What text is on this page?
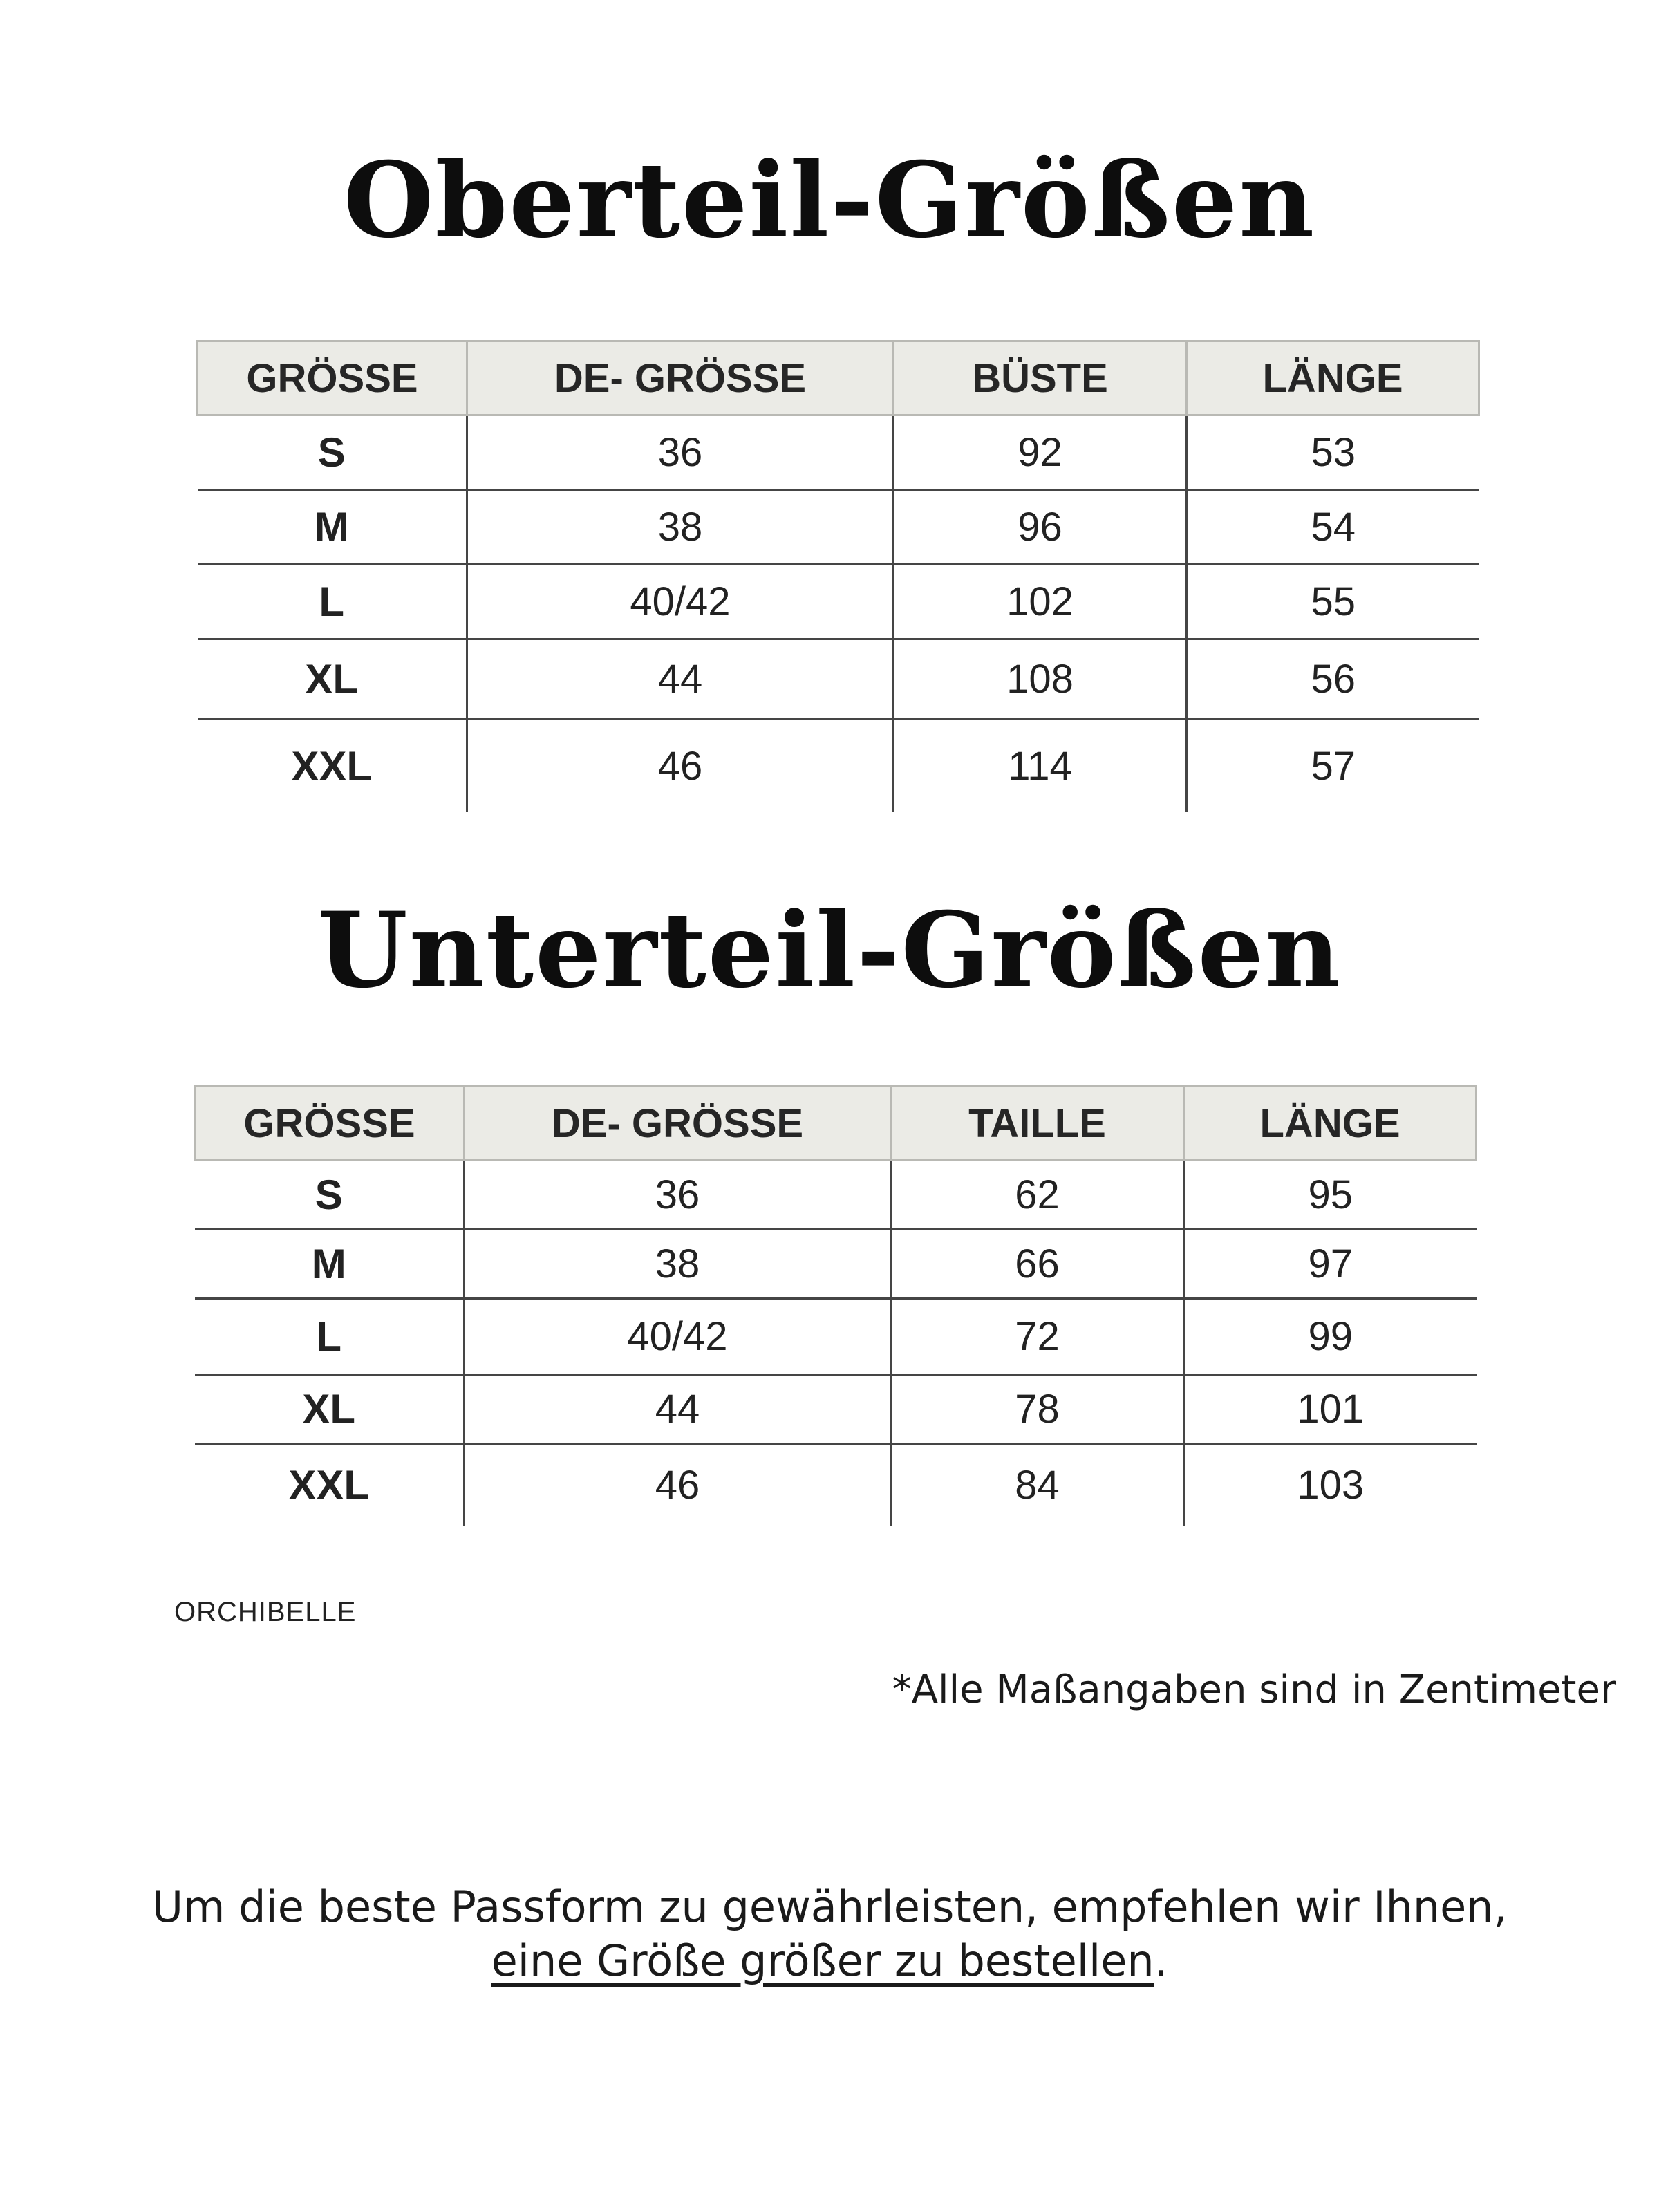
Oberteil-Größen
GRÖSSE	DE- GRÖSSE	BÜSTE	LÄNGE
S	36	92	53
M	38	96	54
L	40/42	102	55
XL	44	108	56
XXL	46	114	57
Unterteil-Größen
GRÖSSE	DE- GRÖSSE	TAILLE	LÄNGE
S	36	62	95
M	38	66	97
L	40/42	72	99
XL	44	78	101
XXL	46	84	103
ORCHIBELLE
*Alle Maßangaben sind in Zentimeter
Um die beste Passform zu gewährleisten, empfehlen wir Ihnen,
eine Größe größer zu bestellen.
